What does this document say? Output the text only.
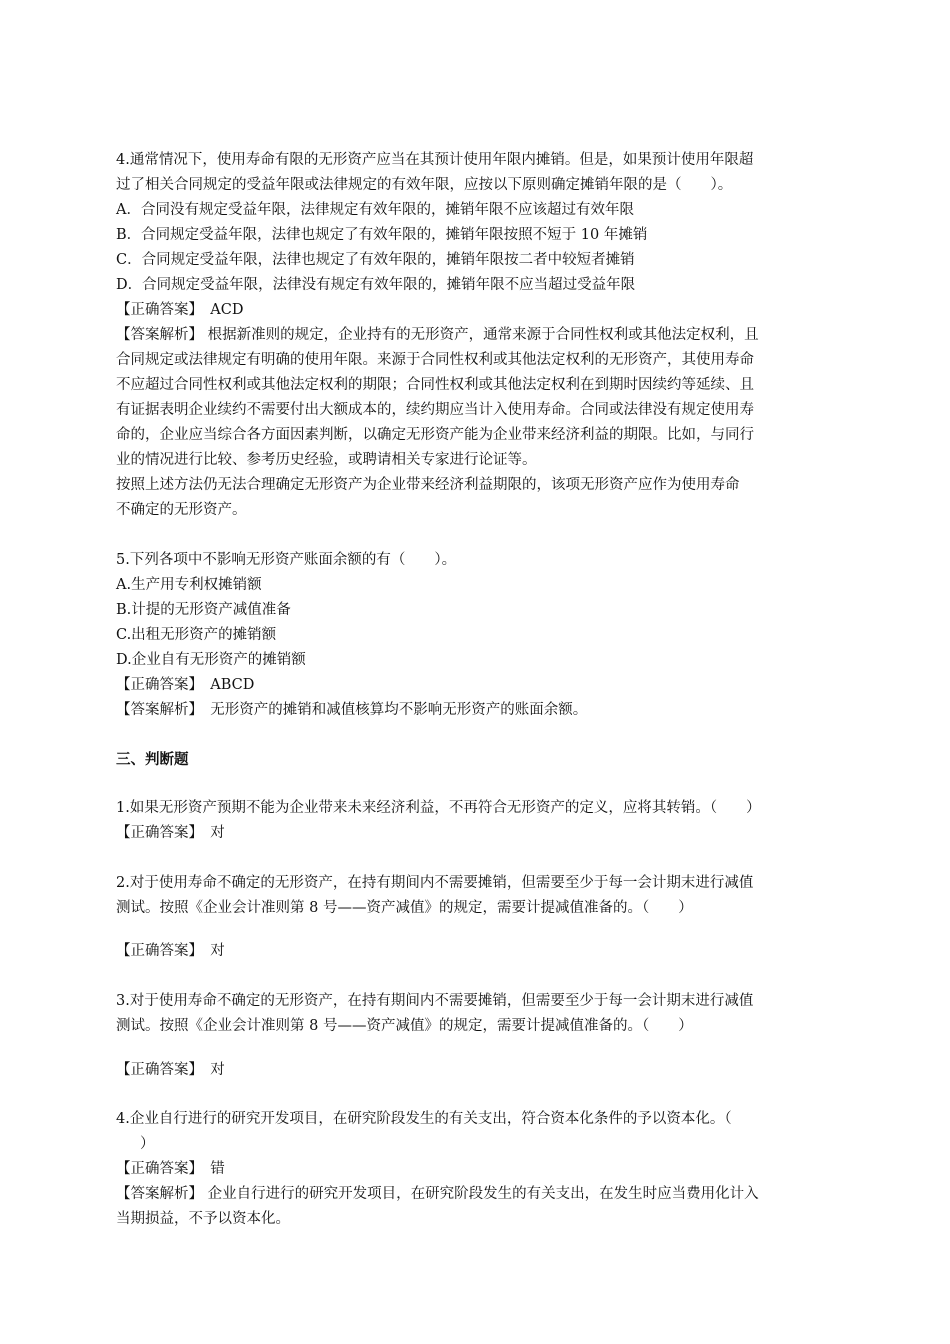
4.通常情况下，使用寿命有限的无形资产应当在其预计使用年限内摊销。但是，如果预计使用年限超
过了相关合同规定的受益年限或法律规定的有效年限，应按以下原则确定摊销年限的是（　　）。
A．合同没有规定受益年限，法律规定有效年限的，摊销年限不应该超过有效年限
B．合同规定受益年限，法律也规定了有效年限的，摊销年限按照不短于 10 年摊销
C．合同规定受益年限，法律也规定了有效年限的，摊销年限按二者中较短者摊销
D．合同规定受益年限，法律没有规定有效年限的，摊销年限不应当超过受益年限
【正确答案】　ACD
【答案解析】 根据新准则的规定，企业持有的无形资产，通常来源于合同性权利或其他法定权利，且
合同规定或法律规定有明确的使用年限。来源于合同性权利或其他法定权利的无形资产，其使用寿命
不应超过合同性权利或其他法定权利的期限；合同性权利或其他法定权利在到期时因续约等延续、且
有证据表明企业续约不需要付出大额成本的，续约期应当计入使用寿命。合同或法律没有规定使用寿
命的，企业应当综合各方面因素判断，以确定无形资产能为企业带来经济利益的期限。比如，与同行
业的情况进行比较、参考历史经验，或聘请相关专家进行论证等。
按照上述方法仍无法合理确定无形资产为企业带来经济利益期限的，该项无形资产应作为使用寿命
不确定的无形资产。
5.下列各项中不影响无形资产账面余额的有（　　）。
A.生产用专利权摊销额
B.计提的无形资产减值准备
C.出租无形资产的摊销额
D.企业自有无形资产的摊销额
【正确答案】　ABCD
【答案解析】　无形资产的摊销和减值核算均不影响无形资产的账面余额。
三、判断题
1.如果无形资产预期不能为企业带来未来经济利益，不再符合无形资产的定义，应将其转销。（　　）
【正确答案】　对
2.对于使用寿命不确定的无形资产，在持有期间内不需要摊销，但需要至少于每一会计期末进行减值
测试。按照《企业会计准则第 8 号——资产减值》的规定，需要计提减值准备的。（　　）
【正确答案】　对
3.对于使用寿命不确定的无形资产，在持有期间内不需要摊销，但需要至少于每一会计期末进行减值
测试。按照《企业会计准则第 8 号——资产减值》的规定，需要计提减值准备的。（　　）
【正确答案】　对
4.企业自行进行的研究开发项目，在研究阶段发生的有关支出，符合资本化条件的予以资本化。（
）
【正确答案】　错
【答案解析】 企业自行进行的研究开发项目，在研究阶段发生的有关支出，在发生时应当费用化计入
当期损益，不予以资本化。
